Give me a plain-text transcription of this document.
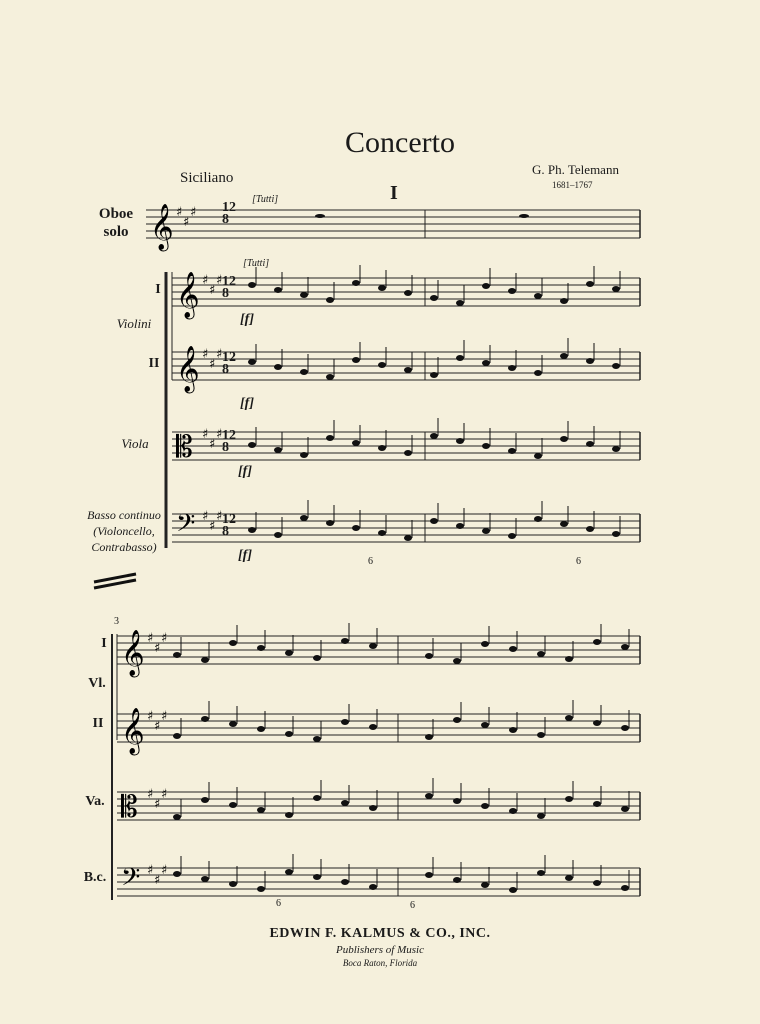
Concerto
Siciliano
G. Ph. Telemann
1681–1767
I
Oboe
solo
I
Violini
II
Viola
Basso continuo
(Violoncello,
Contrabasso)
I
Vl.
II
Va.
B.c.
[Tutti]
[Tutti]
[f]
[f]
[f]
[f]	6	6
6	6
3
12
8
12
8
12
8
12
8
12
8
𝄞 ♯
♯
♯
𝄞 ♯
♯
♯
𝄞 ♯
♯
♯
𝄡 ♯
♯
♯
𝄢 ♯
♯
♯
𝄞 ♯
♯
♯
𝄞 ♯
♯
♯
𝄡 ♯
♯
♯
𝄢 ♯
♯
♯
EDWIN F. KALMUS & CO., INC.
Publishers of Music
Boca Raton, Florida
